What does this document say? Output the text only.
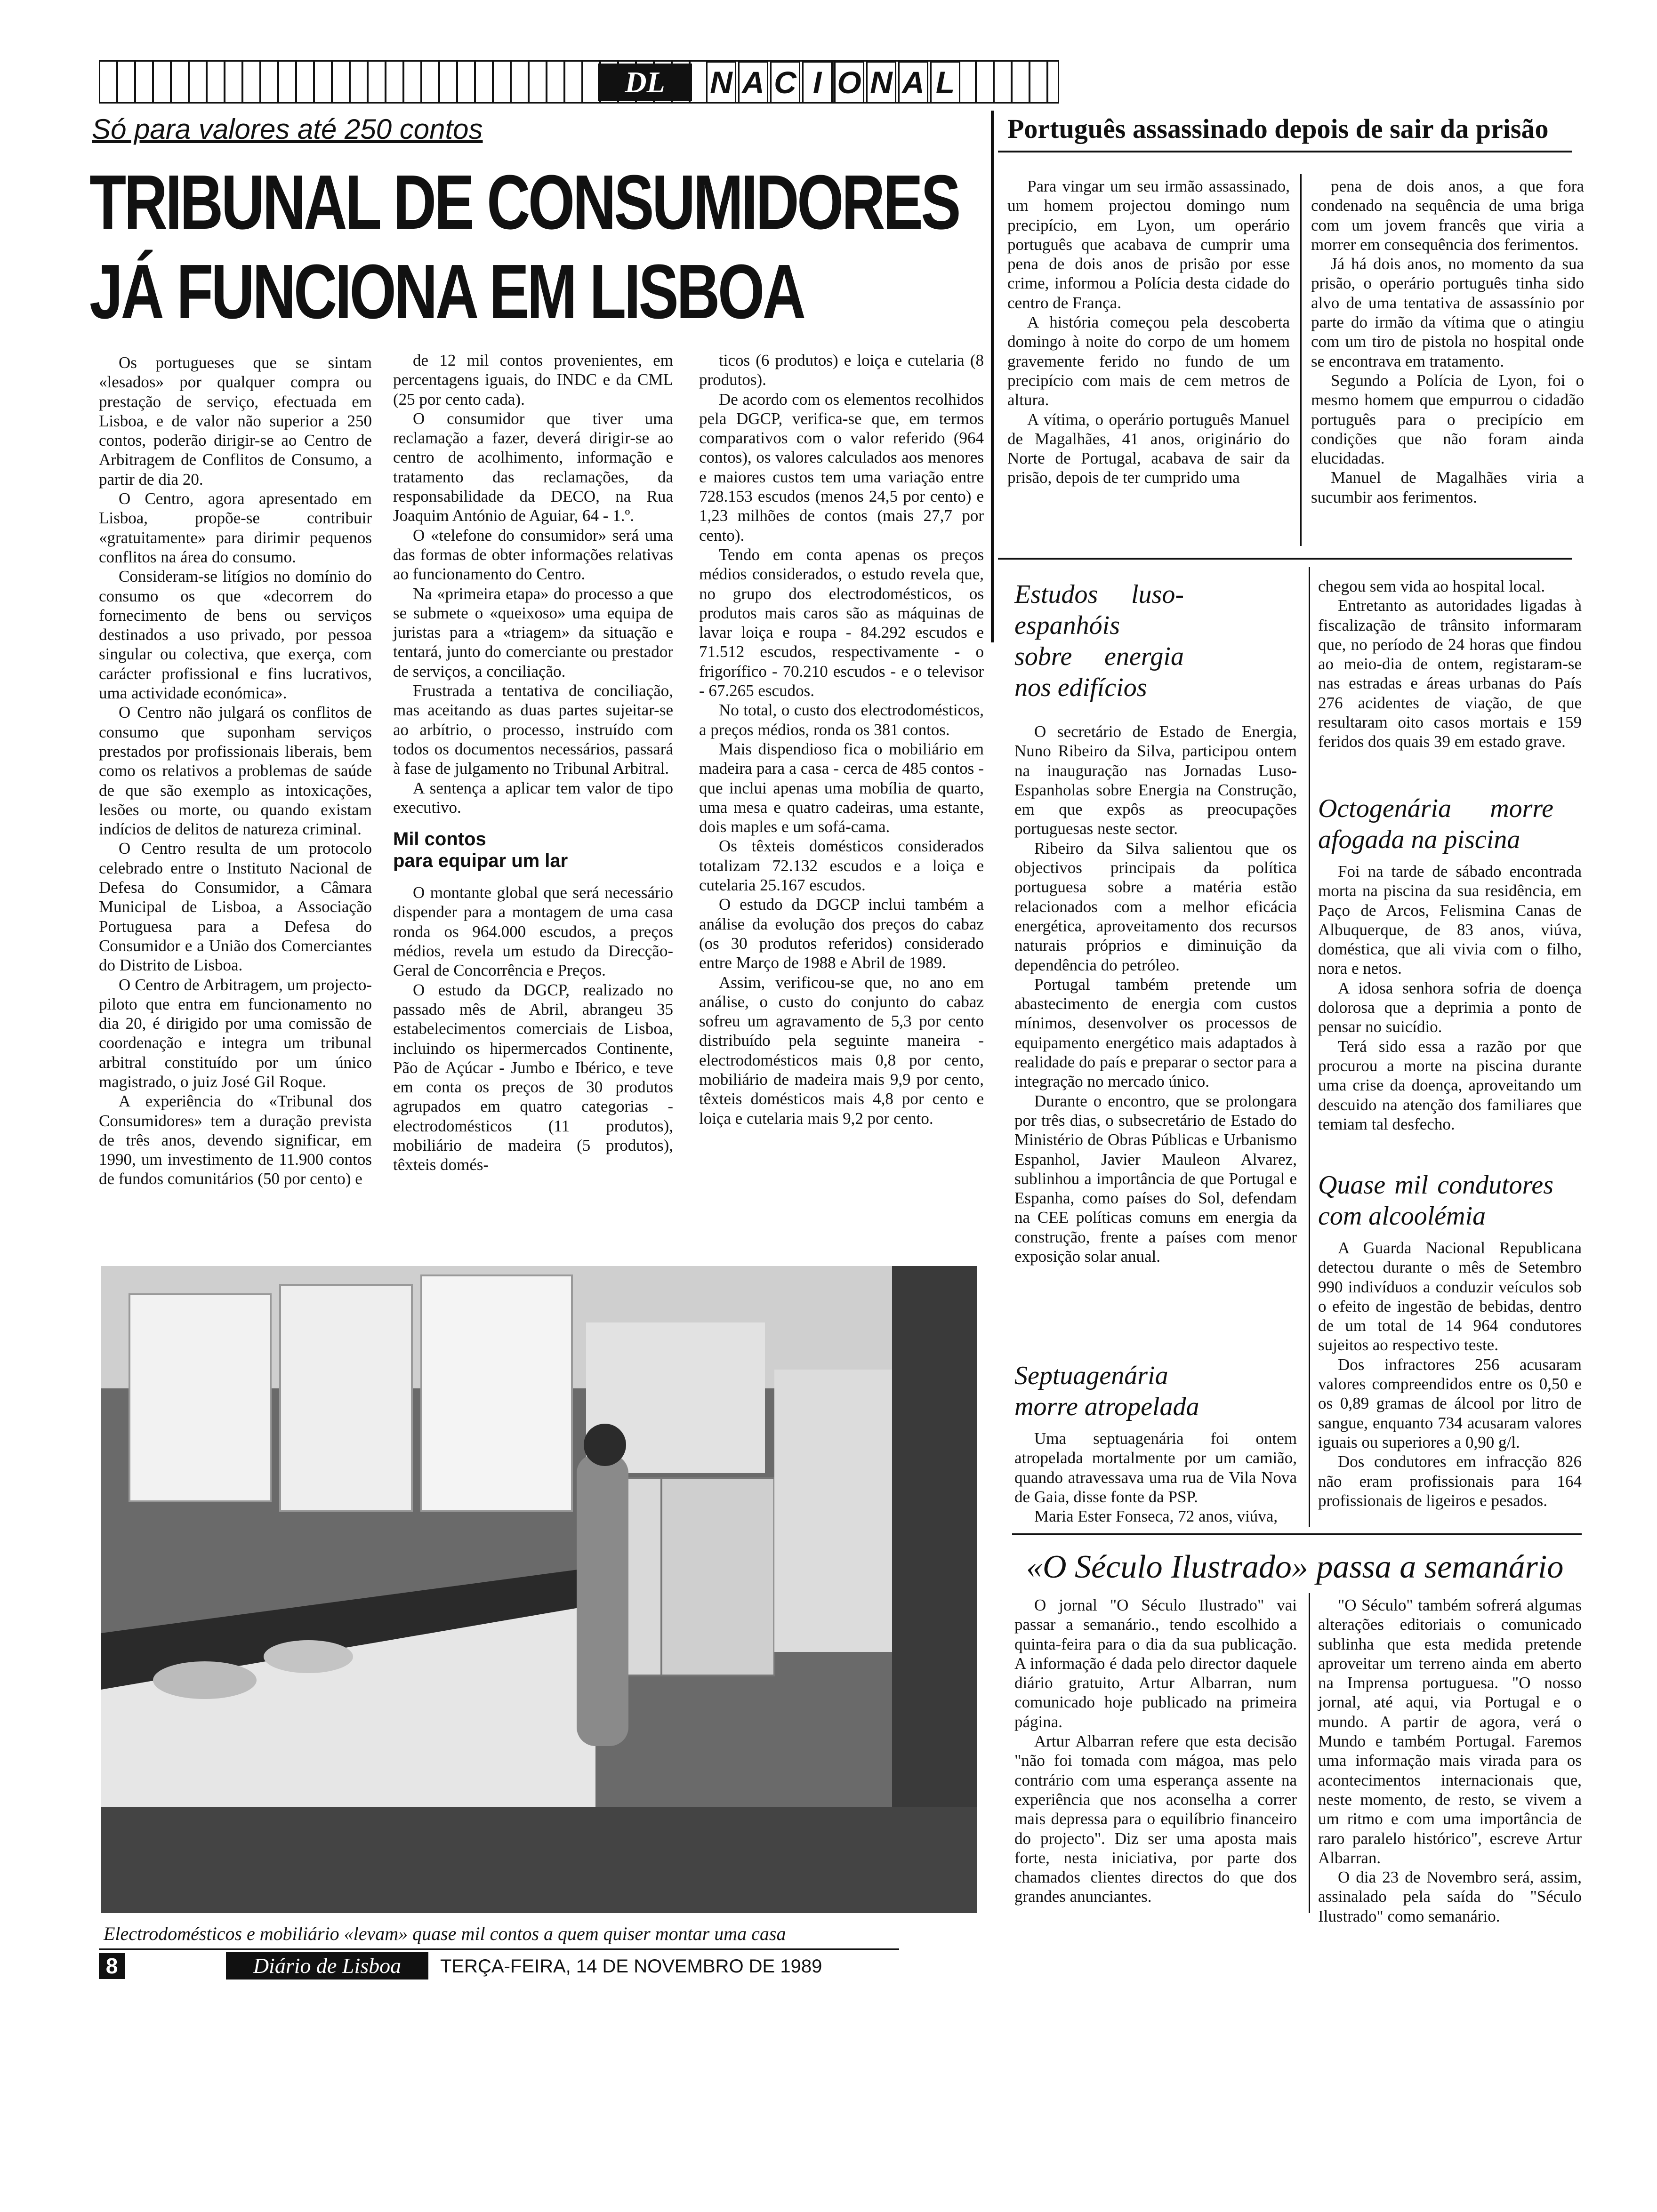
DL	N A C I O N A L
Só para valores até 250 contos
TRIBUNAL DE CONSUMIDORES
JÁ FUNCIONA EM LISBOA

Os portugueses que se sintam «lesados» por qualquer compra ou prestação de serviço, efectuada em Lisboa, e de valor não superior a 250 contos, poderão dirigir-se ao Centro de Arbitragem de Conflitos de Consumo, a partir de dia 20.

O Centro, agora apresentado em Lisboa, propõe-se contribuir «gratuitamente» para dirimir pequenos conflitos na área do consumo.

Consideram-se litígios no domínio do consumo os que «decorrem do fornecimento de bens ou serviços destinados a uso privado, por pessoa singular ou colectiva, que exerça, com carácter profissional e fins lucrativos, uma actividade económica».

O Centro não julgará os conflitos de consumo que suponham serviços prestados por profissionais liberais, bem como os relativos a problemas de saúde de que são exemplo as intoxicações, lesões ou morte, ou quando existam indícios de delitos de natureza criminal.

O Centro resulta de um protocolo celebrado entre o Instituto Nacional de Defesa do Consumidor, a Câmara Municipal de Lisboa, a Associação Portuguesa para a Defesa do Consumidor e a União dos Comerciantes do Distrito de Lisboa.

O Centro de Arbitragem, um projecto-piloto que entra em funcionamento no dia 20, é dirigido por uma comissão de coordenação e integra um tribunal arbitral constituído por um único magistrado, o juiz José Gil Roque.

A experiência do «Tribunal dos Consumidores» tem a duração prevista de três anos, devendo significar, em 1990, um investimento de 11.900 contos de fundos comunitários (50 por cento) e

de 12 mil contos provenientes, em percentagens iguais, do INDC e da CML (25 por cento cada).

O consumidor que tiver uma reclamação a fazer, deverá dirigir-se ao centro de acolhimento, informação e tratamento das reclamações, da responsabilidade da DECO, na Rua Joaquim António de Aguiar, 64 - 1.º.

O «telefone do consumidor» será uma das formas de obter informações relativas ao funcionamento do Centro.

Na «primeira etapa» do processo a que se submete o «queixoso» uma equipa de juristas para a «triagem» da situação e tentará, junto do comerciante ou prestador de serviços, a conciliação.

Frustrada a tentativa de conciliação, mas aceitando as duas partes sujeitar-se ao arbítrio, o processo, instruído com todos os documentos necessários, passará à fase de julgamento no Tribunal Arbitral.

A sentença a aplicar tem valor de tipo executivo.

Mil contos
para equipar um lar

O montante global que será necessário dispender para a montagem de uma casa ronda os 964.000 escudos, a preços médios, revela um estudo da Direcção-Geral de Concorrência e Preços.

O estudo da DGCP, realizado no passado mês de Abril, abrangeu 35 estabelecimentos comerciais de Lisboa, incluindo os hipermercados Continente, Pão de Açúcar - Jumbo e Ibérico, e teve em conta os preços de 30 produtos agrupados em quatro categorias - electrodomésticos (11 produtos), mobiliário de madeira (5 produtos), têxteis domés-

ticos (6 produtos) e loiça e cutelaria (8 produtos).

De acordo com os elementos recolhidos pela DGCP, verifica-se que, em termos comparativos com o valor referido (964 contos), os valores calculados aos menores e maiores custos tem uma variação entre 728.153 escudos (menos 24,5 por cento) e 1,23 milhões de contos (mais 27,7 por cento).

Tendo em conta apenas os preços médios considerados, o estudo revela que, no grupo dos electrodomésticos, os produtos mais caros são as máquinas de lavar loiça e roupa - 84.292 escudos e 71.512 escudos, respectivamente - o frigorífico - 70.210 escudos - e o televisor - 67.265 escudos.

No total, o custo dos electrodomésticos, a preços médios, ronda os 381 contos.

Mais dispendioso fica o mobiliário em madeira para a casa - cerca de 485 contos - que inclui apenas uma mobília de quarto, uma mesa e quatro cadeiras, uma estante, dois maples e um sofá-cama.

Os têxteis domésticos considerados totalizam 72.132 escudos e a loiça e cutelaria 25.167 escudos.

O estudo da DGCP inclui também a análise da evolução dos preços do cabaz (os 30 produtos referidos) considerado entre Março de 1988 e Abril de 1989.

Assim, verificou-se que, no ano em análise, o custo do conjunto do cabaz sofreu um agravamento de 5,3 por cento distribuído pela seguinte maneira - electrodomésticos mais 0,8 por cento, mobiliário de madeira mais 9,9 por cento, têxteis domésticos mais 4,8 por cento e loiça e cutelaria mais 9,2 por cento.

Electrodomésticos e mobiliário «levam» quase mil contos a quem quiser montar uma casa
Português assassinado depois de sair da prisão

Para vingar um seu irmão assassinado, um homem projectou domingo num precipício, em Lyon, um operário português que acabava de cumprir uma pena de dois anos de prisão por esse crime, informou a Polícia desta cidade do centro de França.

A história começou pela descoberta domingo à noite do corpo de um homem gravemente ferido no fundo de um precipício com mais de cem metros de altura.

A vítima, o operário português Manuel de Magalhães, 41 anos, originário do Norte de Portugal, acabava de sair da prisão, depois de ter cumprido uma

pena de dois anos, a que fora condenado na sequência de uma briga com um jovem francês que viria a morrer em consequência dos ferimentos.

Já há dois anos, no momento da sua prisão, o operário português tinha sido alvo de uma tentativa de assassínio por parte do irmão da vítima que o atingiu com um tiro de pistola no hospital onde se encontrava em tratamento.

Segundo a Polícia de Lyon, foi o mesmo homem que empurrou o cidadão português para o precipício em condições que não foram ainda elucidadas.

Manuel de Magalhães viria a sucumbir aos ferimentos.

Estudos luso-espanhóis sobre energia nos edifícios

O secretário de Estado de Energia, Nuno Ribeiro da Silva, participou ontem na inauguração nas Jornadas Luso-Espanholas sobre Energia na Construção, em que expôs as preocupações portuguesas neste sector.

Ribeiro da Silva salientou que os objectivos principais da política portuguesa sobre a matéria estão relacionados com a melhor eficácia energética, aproveitamento dos recursos naturais próprios e diminuição da dependência do petróleo.

Portugal também pretende um abastecimento de energia com custos mínimos, desenvolver os processos de equipamento energético mais adaptados à realidade do país e preparar o sector para a integração no mercado único.

Durante o encontro, que se prolongara por três dias, o subsecretário de Estado do Ministério de Obras Públicas e Urbanismo Espanhol, Javier Mauleon Alvarez, sublinhou a importância de que Portugal e Espanha, como países do Sol, defendam na CEE políticas comuns em energia da construção, frente a países com menor exposição solar anual.

Septuagenária morre atropelada

Uma septuagenária foi ontem atropelada mortalmente por um camião, quando atravessava uma rua de Vila Nova de Gaia, disse fonte da PSP.

Maria Ester Fonseca, 72 anos, viúva,

chegou sem vida ao hospital local.

Entretanto as autoridades ligadas à fiscalização de trânsito informaram que, no período de 24 horas que findou ao meio-dia de ontem, registaram-se nas estradas e áreas urbanas do País 276 acidentes de viação, de que resultaram oito casos mortais e 159 feridos dos quais 39 em estado grave.

Octogenária morre afogada na piscina

Foi na tarde de sábado encontrada morta na piscina da sua residência, em Paço de Arcos, Felismina Canas de Albuquerque, de 83 anos, viúva, doméstica, que ali vivia com o filho, nora e netos.

A idosa senhora sofria de doença dolorosa que a deprimia a ponto de pensar no suicídio.

Terá sido essa a razão por que procurou a morte na piscina durante uma crise da doença, aproveitando um descuido na atenção dos familiares que temiam tal desfecho.

Quase mil condutores com alcoolémia

A Guarda Nacional Republicana detectou durante o mês de Setembro 990 indivíduos a conduzir veículos sob o efeito de ingestão de bebidas, dentro de um total de 14 964 condutores sujeitos ao respectivo teste.

Dos infractores 256 acusaram valores compreendidos entre os 0,50 e os 0,89 gramas de álcool por litro de sangue, enquanto 734 acusaram valores iguais ou superiores a 0,90 g/l.

Dos condutores em infracção 826 não eram profissionais para 164 profissionais de ligeiros e pesados.

«O Século Ilustrado» passa a semanário

O jornal "O Século Ilustrado" vai passar a semanário., tendo escolhido a quinta-feira para o dia da sua publicação. A informação é dada pelo director daquele diário gratuito, Artur Albarran, num comunicado hoje publicado na primeira página.

Artur Albarran refere que esta decisão "não foi tomada com mágoa, mas pelo contrário com uma esperança assente na experiência que nos aconselha a correr mais depressa para o equilíbrio financeiro do projecto". Diz ser uma aposta mais forte, nesta iniciativa, por parte dos chamados clientes directos do que dos grandes anunciantes.

"O Século" também sofrerá algumas alterações editoriais o comunicado sublinha que esta medida pretende aproveitar um terreno ainda em aberto na Imprensa portuguesa. "O nosso jornal, até aqui, via Portugal e o mundo. A partir de agora, verá o Mundo e também Portugal. Faremos uma informação mais virada para os acontecimentos internacionais que, neste momento, de resto, se vivem a um ritmo e com uma importância de raro paralelo histórico", escreve Artur Albarran.

O dia 23 de Novembro será, assim, assinalado pela saída do "Século Ilustrado" como semanário.

8	Diário de Lisboa	TERÇA-FEIRA, 14 DE NOVEMBRO DE 1989
